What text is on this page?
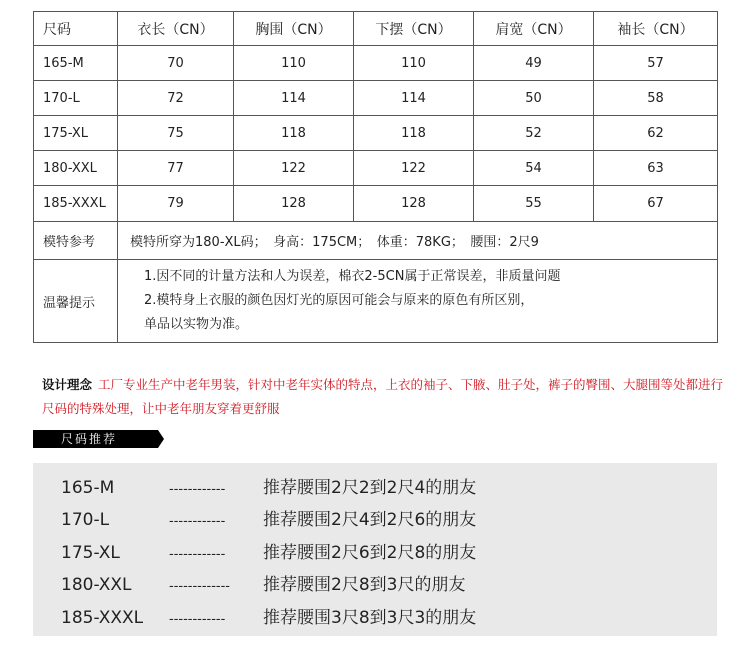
尺码	衣长（CN）	胸围（CN）	下摆（CN）	肩宽（CN）	袖长（CN）
165-M	70	110	110	49	57
170-L	72	114	114	50	58
175-XL	75	118	118	52	62
180-XXL	77	122	122	54	63
185-XXXL	79	128	128	55	67
模特参考	模特所穿为180-XL码；　身高：175CM；　体重：78KG；　腰围：2尺9				
温馨提示	1.因不同的计量方法和人为误差，棉衣2-5CN属于正常误差，非质量问题
2.模特身上衣服的颜色因灯光的原因可能会与原来的原色有所区别，
单品以实物为准。				
设计理念 工厂专业生产中老年男装，针对中老年实体的特点，上衣的袖子、下腋、肚子处，裤子的臀围、大腿围等处都进行尺码的特殊处理，让中老年朋友穿着更舒服
尺码推荐
165-M	------------ 推荐腰围2尺2到2尺4的朋友
170-L	------------ 推荐腰围2尺4到2尺6的朋友
175-XL	------------ 推荐腰围2尺6到2尺8的朋友
180-XXL	------------- 推荐腰围2尺8到3尺的朋友
185-XXXL ------------ 推荐腰围3尺8到3尺3的朋友
